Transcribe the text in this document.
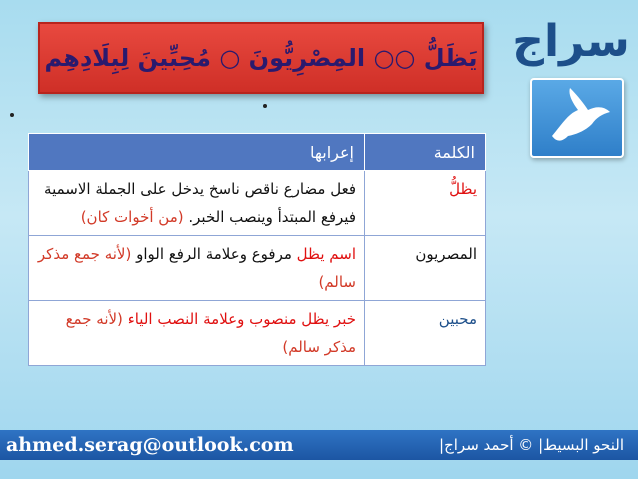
يَظَلُّ ○○ المِصْرِيُّونَ ○ مُحِبِّينَ لِبِلَادِهِم سراج
الكلمة	إعرابها
يظلُّ	فعل مضارع ناقص ناسخ يدخل على الجملة الاسمية فيرفع المبتدأ وينصب الخبر. (من أخوات كان)
المصريون	اسم يظل مرفوع وعلامة الرفع الواو (لأنه جمع مذكر سالم)
محبين	خبر يظل منصوب وعلامة النصب الياء (لأنه جمع مذكر سالم)
ahmed.serag@outlook.com	النحو البسيط| © أحمد سراج|
